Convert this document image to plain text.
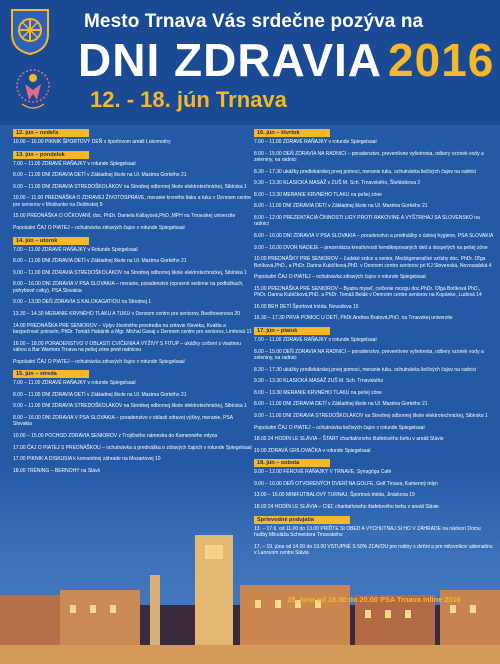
Mesto Trnava Vás srdečne pozýva na
DNI ZDRAVIA 2016
12. - 18. jún Trnava
12. jún – nedeľa
10.00 – 16.00 PIKNIK ŠPORTOVÝ DEŇ v športovom areáli Lokomotíry
13. jún – pondelok
7.00 – 11.00 ZDRAVÉ RAŇAJKY v rotunde Spiegelsaal
8.00 – 11.00 DNI ZDRAVIA DETÍ v Základnej škole na Ul. Maxima Gorkého 21
9.00 – 11.00 DNI ZDRAVIA STREDOŠKOLÁKOV na Strednej odbornej škole elektrotechnickej, Sibírska 1
10.00 – 11.00 PREDNÁŠKA O ZDRAVEJ ŽIVOTOSPRÁVE, meranie krvného tlaku a tuku v Dennom centre pre seniorov v Modranke na Dedinskej 9
15.00 PREDNÁŠKA O OČKOVANÍ, doc. PhDr. Daniela Kállayová,PhD.,MPH na Trnavskej univerzite
Popoludní ČAJ O PIATEJ – ochutnávka zdravých čajov v rotunde Spiegelsaal
14. jún – utorok
7.00 – 11.00 ZDRAVÉ RAŇAJKY v Rotunde Spiegelsaal
8.00 – 11.00 DNI ZDRAVIA DETÍ v Základnej škole na Ul. Maxima Gorkého 21
9.00 – 11.00 DNI ZDRAVIA STREDOŠKOLÁKOV na Strednej odbornej škole elektrotechnickej, Sibírska 1
8.00 – 16.00 DNI ZDRAVIA V PSA SLOVAKIA – meranie, poradenstvo (opravné sedenie na podložkach, pohybové cviky), PSA Slovakia
9.00 – 13.00 DEŇ ZDRAVIA S KALOKAGATIOU na Strednej 1
13.30 – 14.30 MERANIE KRVNÉHO TLAKU A TUKU v Dennom centre pre seniorov, Beethovenova 20
14.00 PREDNÁŠKA PRE SENIOROV – Vplyv životného prostredia na zdravie človeka, Kvalita a bezpečnosť potravín, PhDr. Tomáš Habánik a Mgr. Michal Ganaj v Dennom centre pre seniorov, Limbová 11
16.00 – 18.00 PORADENSTVO V OBLASTI CVIČENIA A VÝŽIVY S FITUP – ukážky cvičení s vlastnou váhou a Bar Warriors Trnava na pešej zóne pred radnicou
Popoludní ČAJ O PIATEJ – ochutnávka zdravých čajov v rotunde Spiegelsaal
15. jún – streda
7.00 – 11.00 ZDRAVÉ RAŇAJKY v rotunde Spiegelsaal
8.00 – 11.00 DNI ZDRAVIA DETÍ v Základnej škole na Ul. Maxima Gorkého 21
9.00 – 11.00 DNI ZDRAVIA STREDOŠKOLÁKOV na Strednej odbornej škole elektrotechnickej, Sibírska 1
8.00 – 16.00 DNI ZDRAVIA V PSA SLOVAKIA – poradenstvo v oblasti zdravej výživy, meranie, PSA Slovakia
10.00 – 15.00 POCHOD ZDRAVIA SENIOROV z Trojičného námestia do Kamenného mlyna
17.00 ČAJ O PIATEJ S PREDNÁŠKOU – ochutnávka a prednáška o zdravých čajoch v rotunde Spiegelsaal
17.00 PIKNIK A DISKUSIA k komunitnej záhrade na Mozartovej 10
18.00 TRÉNING – BERNOHY na Slávii
16. jún – štvrtok
7.00 – 11.00 ZDRAVÉ RAŇAJKY v rotunde Spiegelsaal
8.00 – 15.00 DEŇ ZDRAVIA NA RADNICI – poradenstvo, preventívne vyšetrenia, odbery vzoriek vody a zeleniny, na radnici
8.30 – 17.30 ukážky predlekárskej prvej pomoci, meranie tuku, ochutnávka liečivých čajov na radnici
9.30 – 13.30 KLASICKÁ MASÁŽ v ZUŠ M. Sch. Trnavského, Štefánikova 2
8.00 – 13.30 MERANIE KRVNÉHO TLAKU na pešej zóne
8.00 – 11.00 DNI ZDRAVIA DETÍ v Základnej škole na Ul. Maxima Gorkého 21
8.00 – 12.00 PREZENTÁCIA ČINNOSTI LIGY PROTI RAKOVINE A VYŠTRIHAJ SA SLOVENSKO na radnici
8.00 – 16.00 DNI ZDRAVIA V PSA SLOVAKIA – poradenstvo a prednášky o ústnej hygiene, PSA SLOVAKIA
9.00 – 16.00 DVOR NADEJE – prezentácia kreatívnosti hendikepovaných detí a dospelých na pešej zóne
10.00 PREDNÁŠKY PRE SENIOROV – Ľudské srdce a senior, Medzigeneračné vzťahy doc. PhDr. Oľga Botíková,PhD., a PhDr. Darina Kubíčková,PhD. v Dennom centre seniorov pri KJ Slovenská, Novosadská 4
Popoludní ČAJ O PIATEJ – ochutnávka zdravých čajov v rotunde Spiegelsaal
15.00 PREDNÁŠKA PRE SENIOROV – Byatra myseľ, cvičenie mozgu doc.PhDr. Oľga Botíková PhD., PhDr. Darina Kubíčková,PhD. a PhDr. Tomáš Belák v Dennom centre seniorov na Kopánke, Ludová 14
16.00 BEH DETÍ Športová triéda, Novudova 15
16.30 – 17.30 PRVÁ POMOC U DETÍ, PhDr.Andrea Bratová,PhD. na Trnavskej univerzite
17. jún – piatok
7.00 – 11.00 ZDRAVÉ RAŇAJKY v rotunde Spiegelsaal
8.00 – 15.00 DEŇ ZDRAVIA NA RADNICI – poradenstvo, preventívne vyšetrenia, odbery vzoriek vody a zeleniny, na radnici
8.30 – 17.30 ukážky predlekárskej prvej pomoci, meranie tuku, ochutnávka liečivých čajov na radnici
9.30 – 13.30 KLASICKÁ MASÁŽ ZUŠ M. Sch. Trnavského
8.00 – 13.30 MERANIE KRVNÉHO TLAKU na pešej zóne
8.00 – 11.00 DNI ZDRAVIA DETÍ v Základnej škole na Ul. Maxima Gorkého 21
9.00 – 11.00 DNI ZDRAVIA STREDOŠKOLÁKOV na Strednej odbornej škole elektrotechnickej, Sibírska 1
Popoludní ČAJ O PIATEJ – ochutnávka liečivých čajov v rotunde Spiegelsaal
18.00 24 HODÍN LE SLÁVIA – ŠTART charitatívneho štafetového behu v areáli Slávie
19.00 ZDRAVÁ GRILOVAČKA v rotunde Spiegelsaal
18. jún – sobota
9.00 – 12.00 FÉROVÉ RAŇAJKY V TRNAVE, Synagóga Café
9.00 – 16.00 DEŇ OTVORENÝCH DVERÍ NA GOLFE, Golf Trnava, Kamenný mlyn
13.00 – 16.00 MINIFUTBALOVÝ TURNAJ, Športová triéda, Jiráskova 19
18.00 24 HODÍN LE SLÁVIA – CIEĽ charitatívneho štafetového behu v areáli Slávie
Sprievodné podujatia
13. – 17.6. od 11.00 do 13.00 PRÍĎTE SI OBED A VYCHUTNAJ SI HO V ZÁHRADE na nádvorí Domu hudby Mikuláša Schneidera Trnavského
17. – 19. júna od 14.00 do 19.00 VSTUPNÉ S 50% ZĽAVOU pre rodiny s deťmi a pre milovníkov adrenalínu v Lanovom centre Slávia
25. júna od 16.00 do 20.00 PSA Trnava inline 2016
